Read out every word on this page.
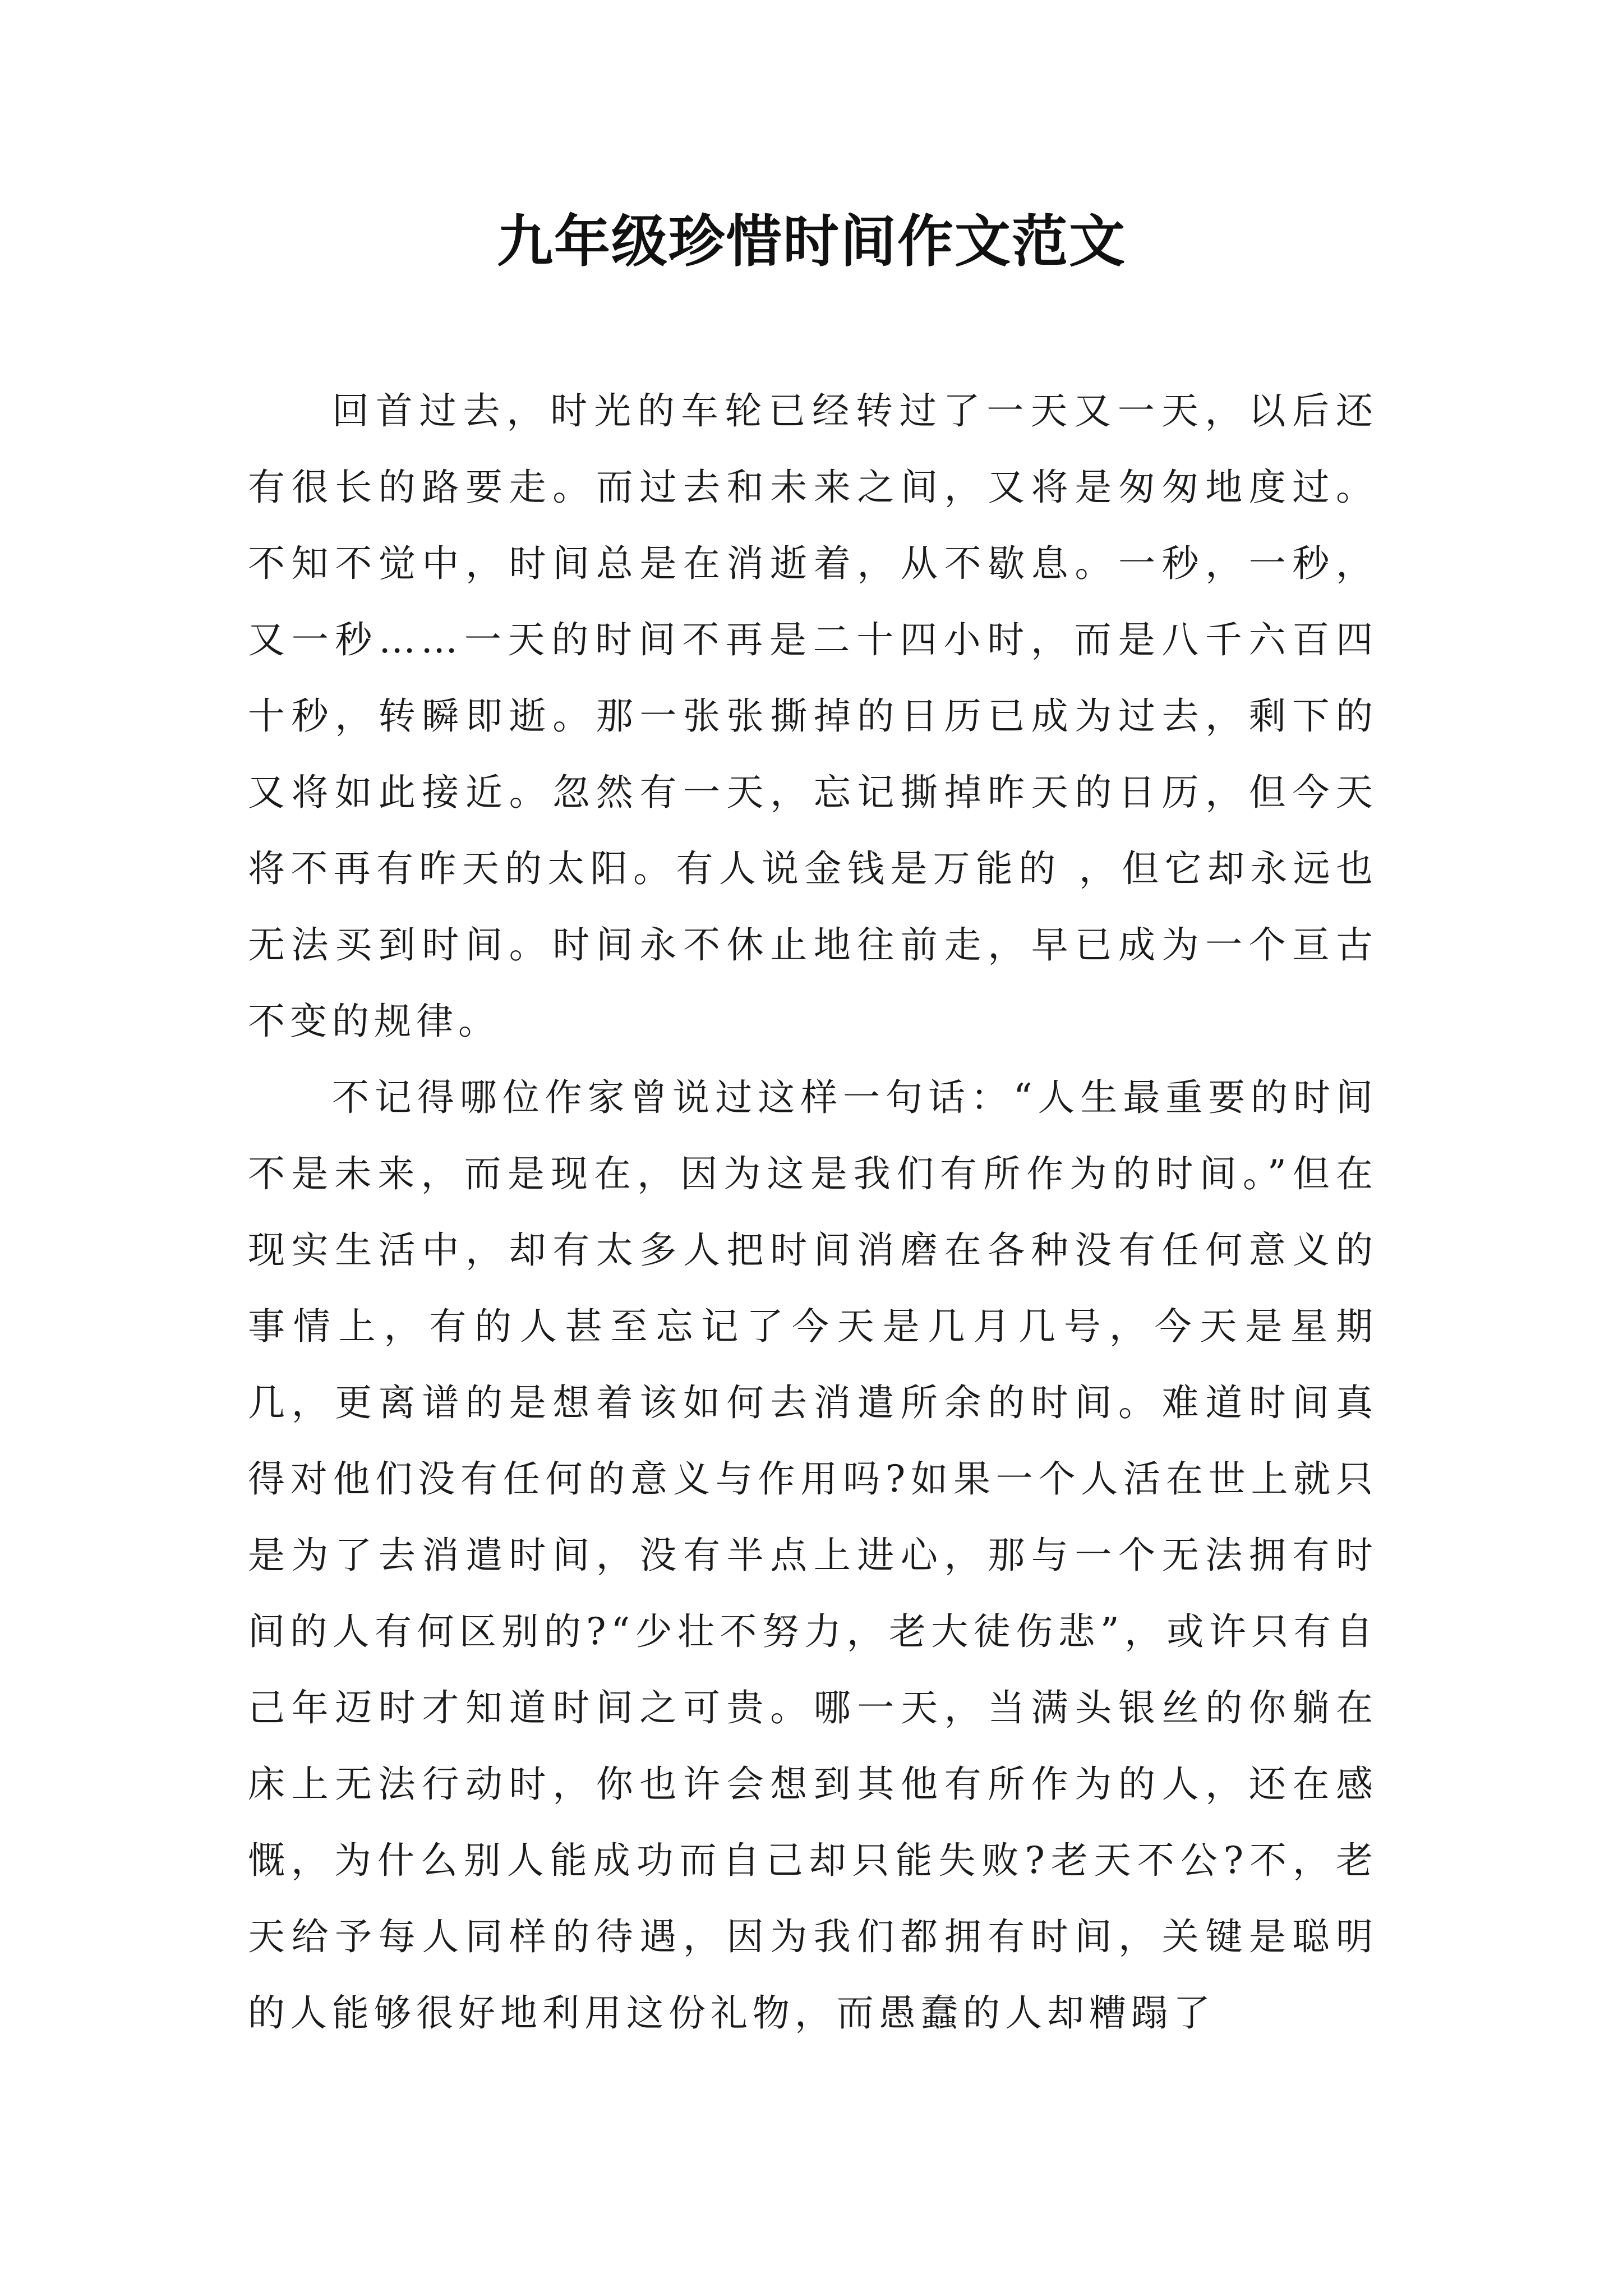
九年级珍惜时间作文范文

回首过去，时光的车轮已经转过了一天又一天，以后还有很长的路要走。而过去和未来之间，又将是匆匆地度过。不知不觉中，时间总是在消逝着，从不歇息。一秒，一秒，又一秒……一天的时间不再是二十四小时，而是八千六百四十秒，转瞬即逝。那一张张撕掉的日历已成为过去，剩下的又将如此接近。忽然有一天，忘记撕掉昨天的日历，但今天将不再有昨天的太阳。有人说金钱是万能的 ，但它却永远也无法买到时间。时间永不休止地往前走，早已成为一个亘古不变的规律。

不记得哪位作家曾说过这样一句话：“人生最重要的时间不是未来，而是现在，因为这是我们有所作为的时间。”但在现实生活中，却有太多人把时间消磨在各种没有任何意义的事情上，有的人甚至忘记了今天是几月几号，今天是星期几，更离谱的是想着该如何去消遣所余的时间。难道时间真得对他们没有任何的意义与作用吗?如果一个人活在世上就只是为了去消遣时间，没有半点上进心，那与一个无法拥有时间的人有何区别的?“少壮不努力，老大徒伤悲”，或许只有自己年迈时才知道时间之可贵。哪一天，当满头银丝的你躺在床上无法行动时，你也许会想到其他有所作为的人，还在感慨，为什么别人能成功而自己却只能失败?老天不公?不，老天给予每人同样的待遇，因为我们都拥有时间，关键是聪明的人能够很好地利用这份礼物，而愚蠢的人却糟蹋了
